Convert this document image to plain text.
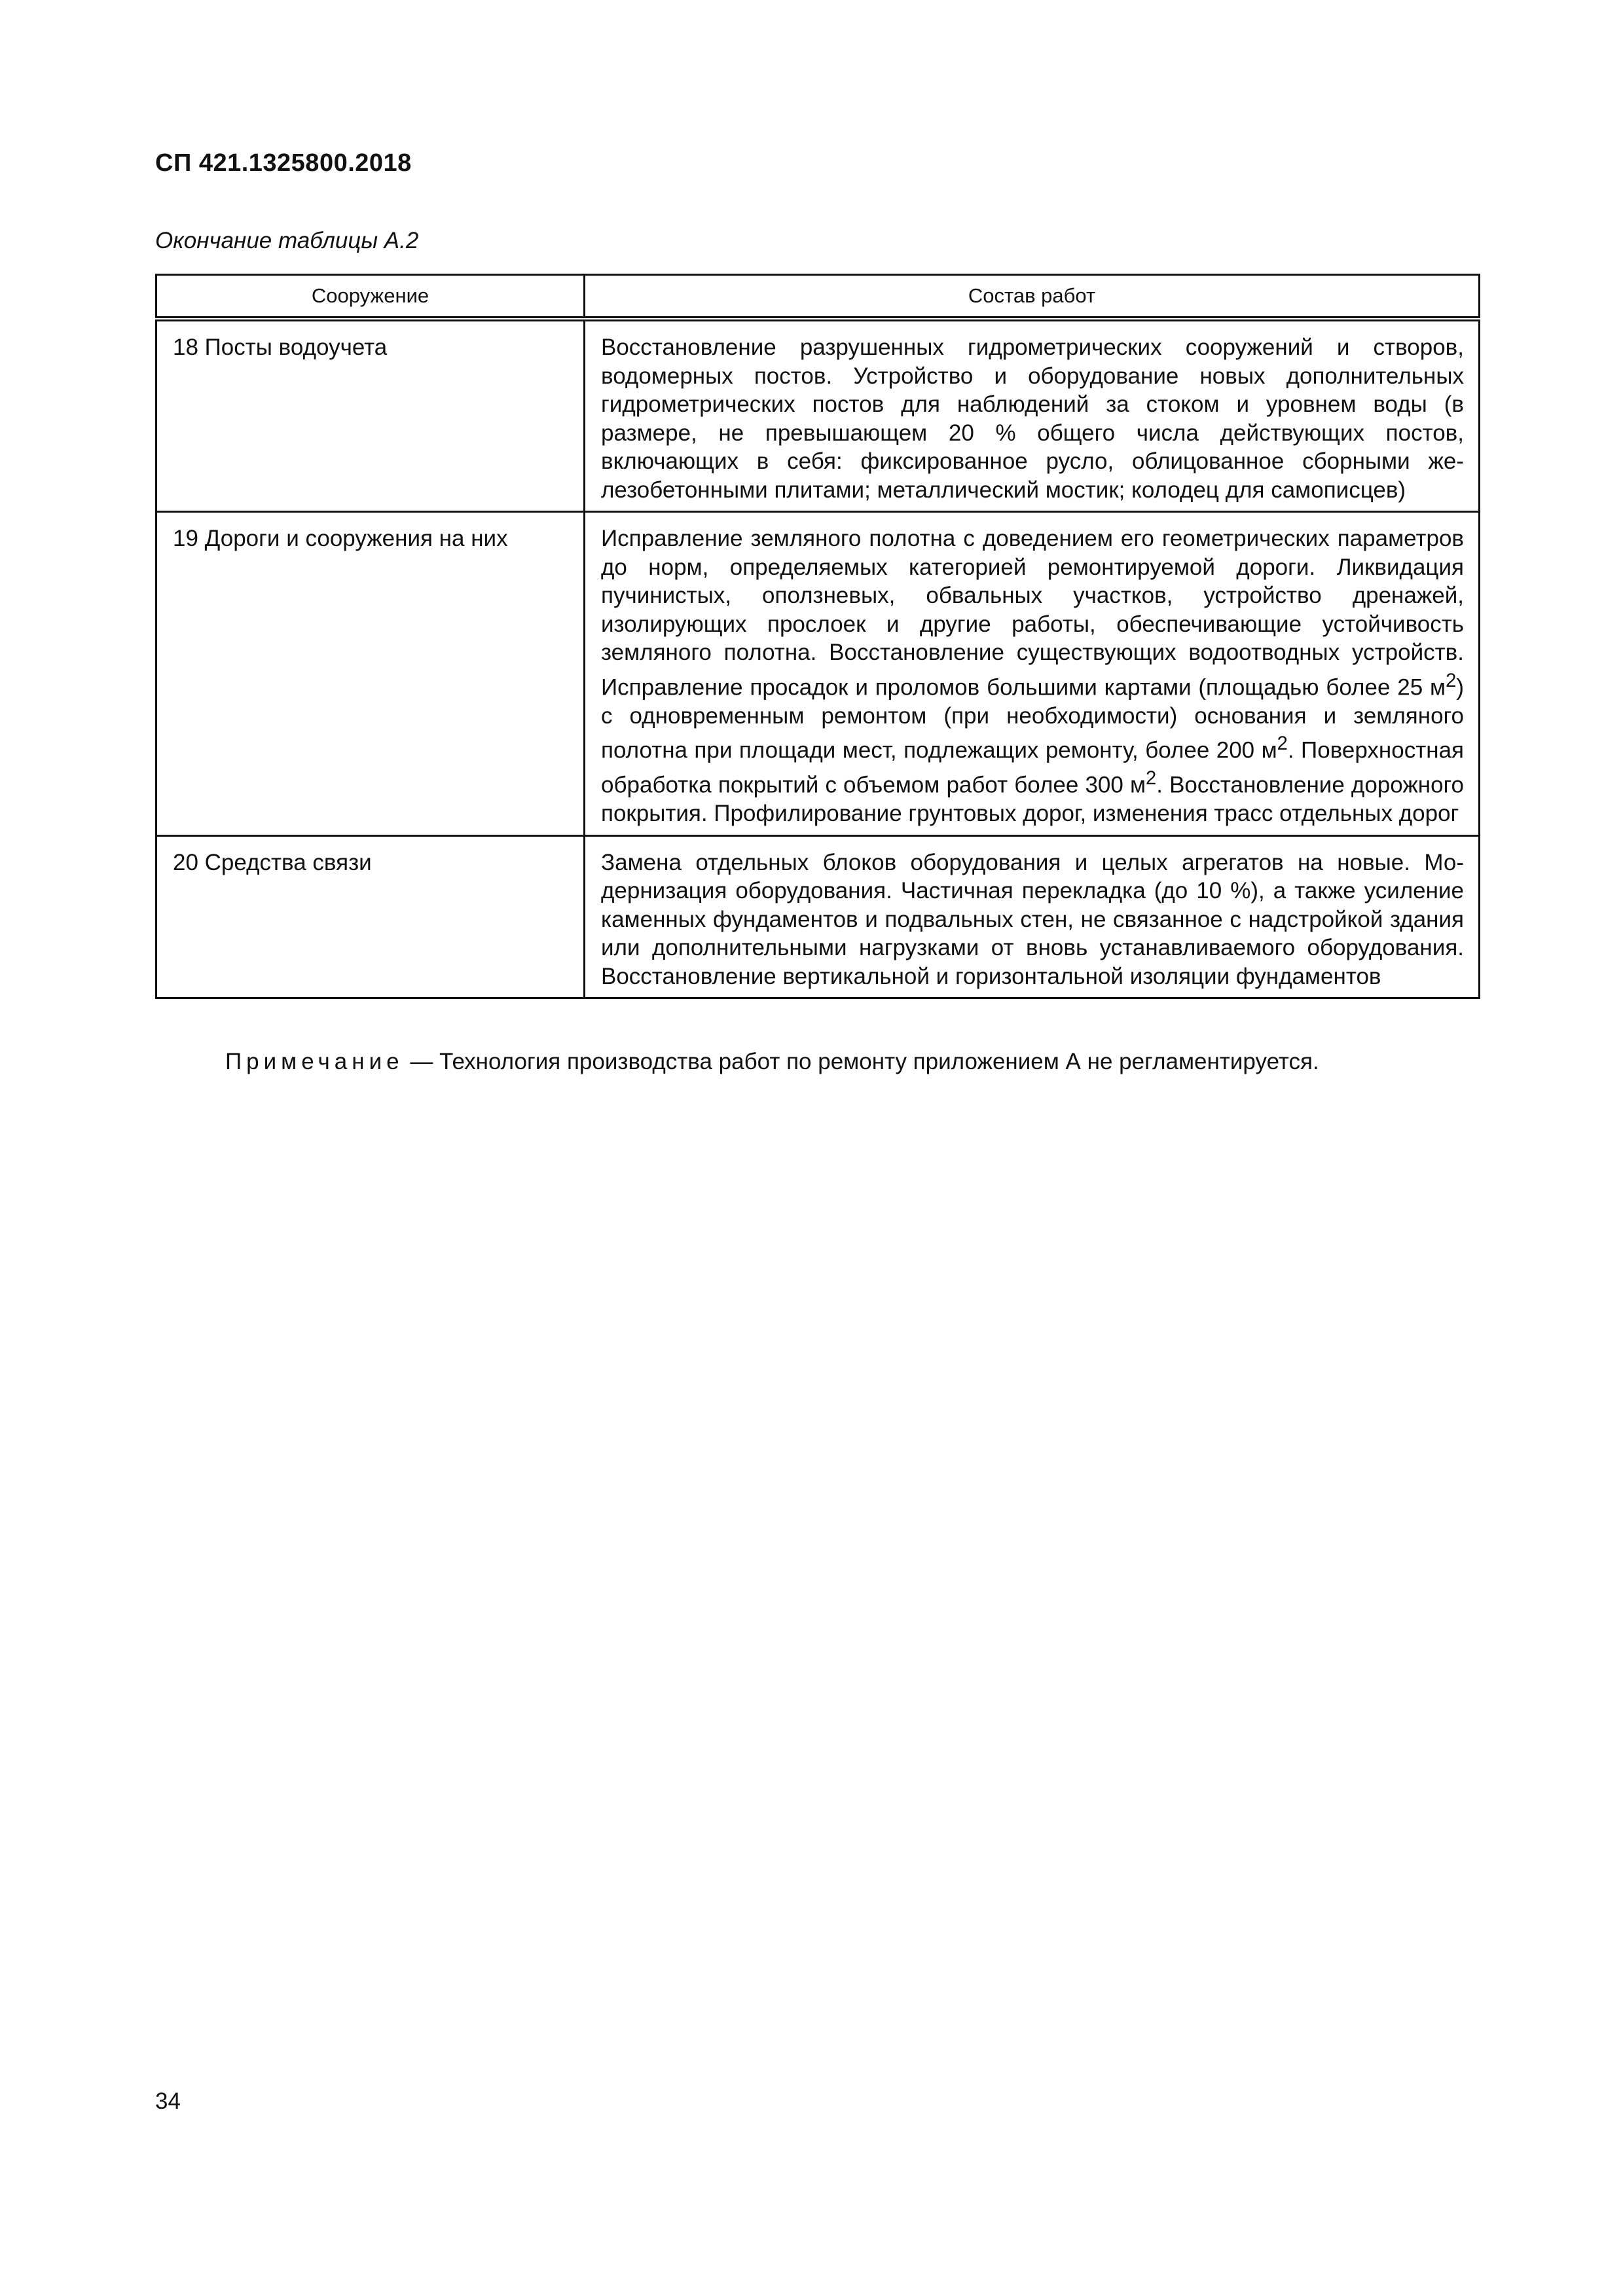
СП 421.1325800.2018

Окончание таблицы А.2

Сооружение	Состав работ
18 Посты водоучета	Восстановление разрушенных гидрометрических сооружений и створов, водомерных постов. Устройство и оборудование новых дополнительных гидрометрических постов для наблюдений за стоком и уровнем воды (в размере, не превышающем 20 % общего числа действующих постов, включающих в себя: фиксированное русло, облицованное сборными железобетонными плитами; металлический мостик; колодец для самописцев)
19 Дороги и сооружения на них	Исправление земляного полотна с доведением его геометрических параметров до норм, определяемых категорией ремонтируемой дороги. Ликвидация пучинистых, оползневых, обвальных участков, устройство дренажей, изолирующих прослоек и другие работы, обеспечивающие устойчивость земляного полотна. Восстановление существующих водоотводных устройств. Исправление просадок и проломов большими картами (площадью более 25 $м^2$) с одновременным ремонтом (при необходимости) основания и земляного полотна при площади мест, подлежащих ремонту, более 200 $м^2$. Поверхностная обработка покрытий с объемом работ более 300 $м^2$. Восстановление дорожного покрытия. Профилирование грунтовых дорог, изменения трасс отдельных дорог
20 Средства связи	Замена отдельных блоков оборудования и целых агрегатов на новые. Модернизация оборудования. Частичная перекладка (до 10 %), а также усиление каменных фундаментов и подвальных стен, не связанное с надстройкой здания или дополнительными нагрузками от вновь устанавливаемого оборудования. Восстановление вертикальной и горизонтальной изоляции фундаментов

Примечание — Технология производства работ по ремонту приложением А не регламентируется.

34
